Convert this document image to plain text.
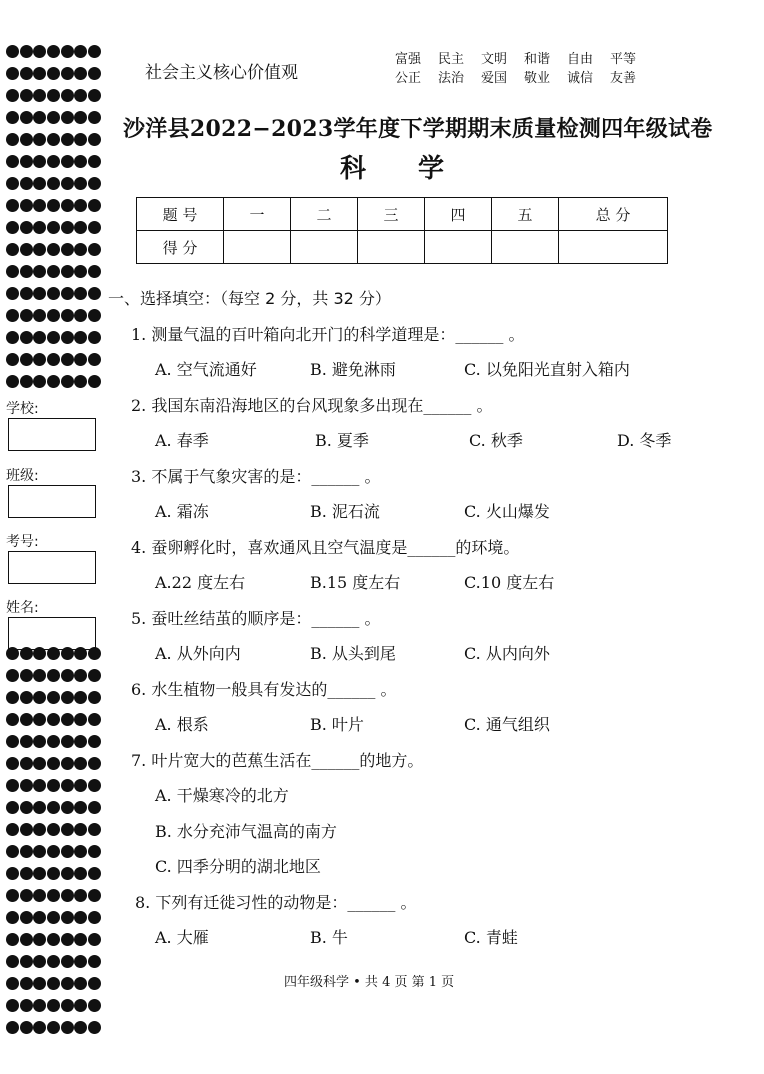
学校:
班级:
考号:
姓名:
社会主义核心价值观
富强 民主 文明 和谐 自由 平等
公正 法治 爱国 敬业 诚信 友善
沙洋县2022−2023学年度下学期期末质量检测四年级试卷
科学
题 号	一	二	三	四	五	总 分
得 分						
一、选择填空：（每空 2 分，共 32 分）
1. 测量气温的百叶箱向北开门的科学道理是：______ 。
A. 空气流通好	B. 避免淋雨	C. 以免阳光直射入箱内
2. 我国东南沿海地区的台风现象多出现在______ 。
A. 春季	B. 夏季	C. 秋季	D. 冬季
3. 不属于气象灾害的是：______ 。
A. 霜冻	B. 泥石流	C. 火山爆发
4. 蚕卵孵化时，喜欢通风且空气温度是______的环境。
A.22 度左右	B.15 度左右	C.10 度左右
5. 蚕吐丝结茧的顺序是：______ 。
A. 从外向内	B. 从头到尾	C. 从内向外
6. 水生植物一般具有发达的______ 。
A. 根系	B. 叶片	C. 通气组织
7. 叶片宽大的芭蕉生活在______的地方。
A. 干燥寒冷的北方
B. 水分充沛气温高的南方
C. 四季分明的湖北地区
8. 下列有迁徙习性的动物是：______ 。
A. 大雁	B. 牛	C. 青蛙
四年级科学 • 共 4 页 第 1 页
